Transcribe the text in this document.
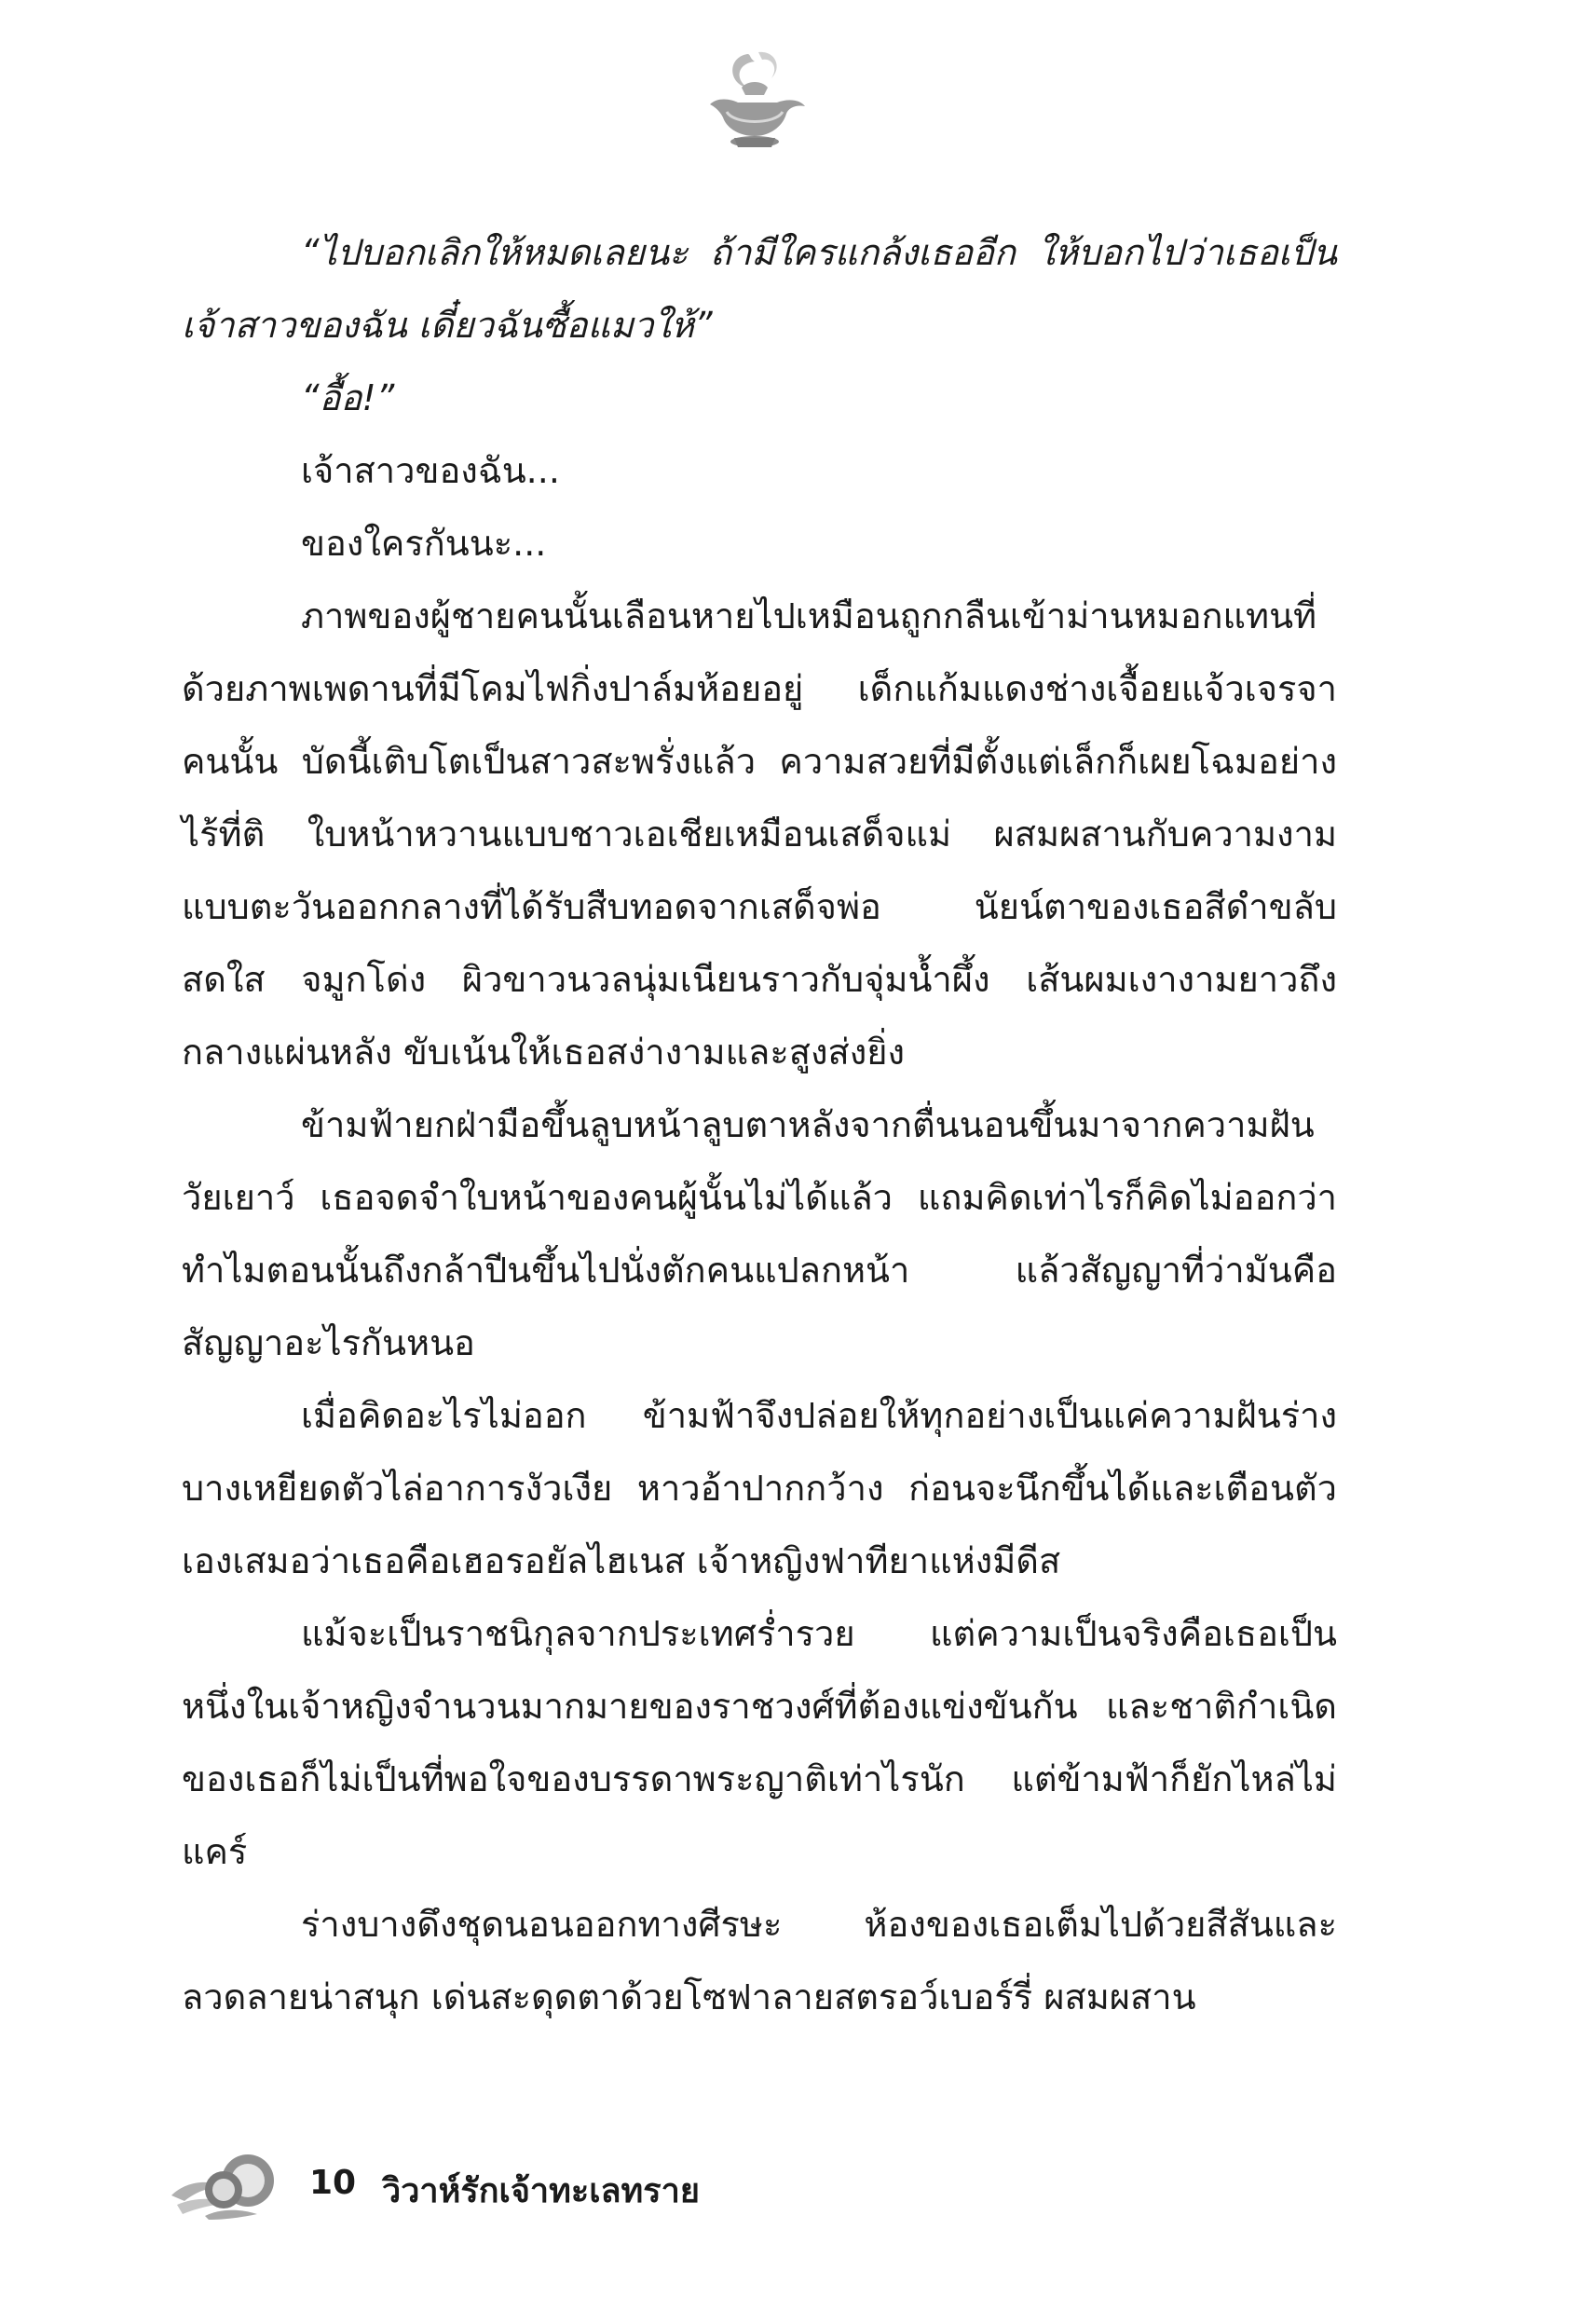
“ไปบอกเลิกให้หมดเลยนะ ถ้ามีใครแกล้งเธออีก ให้บอกไปว่าเธอเป็นเจ้าสาวของฉัน เดี๋ยวฉันซื้อแมวให้”

“อื้อ!”

เจ้าสาวของฉัน...

ของใครกันนะ...

ภาพของผู้ชายคนนั้นเลือนหายไปเหมือนถูกกลืนเข้าม่านหมอกแทนที่ด้วยภาพเพดานที่มีโคมไฟกิ่งปาล์มห้อยอยู่ เด็กแก้มแดงช่างเจื้อยแจ้วเจรจาคนนั้น บัดนี้เติบโตเป็นสาวสะพรั่งแล้ว ความสวยที่มีตั้งแต่เล็กก็เผยโฉมอย่างไร้ที่ติ ใบหน้าหวานแบบชาวเอเชียเหมือนเสด็จแม่ ผสมผสานกับความงามแบบตะวันออกกลางที่ได้รับสืบทอดจากเสด็จพ่อ นัยน์ตาของเธอสีดำขลับสดใส จมูกโด่ง ผิวขาวนวลนุ่มเนียนราวกับจุ่มน้ำผึ้ง เส้นผมเงางามยาวถึงกลางแผ่นหลัง ขับเน้นให้เธอสง่างามและสูงส่งยิ่ง

ข้ามฟ้ายกฝ่ามือขึ้นลูบหน้าลูบตาหลังจากตื่นนอนขึ้นมาจากความฝันวัยเยาว์ เธอจดจำใบหน้าของคนผู้นั้นไม่ได้แล้ว แถมคิดเท่าไรก็คิดไม่ออกว่าทำไมตอนนั้นถึงกล้าปีนขึ้นไปนั่งตักคนแปลกหน้า แล้วสัญญาที่ว่ามันคือสัญญาอะไรกันหนอ

เมื่อคิดอะไรไม่ออก ข้ามฟ้าจึงปล่อยให้ทุกอย่างเป็นแค่ความฝันร่างบางเหยียดตัวไล่อาการงัวเงีย หาวอ้าปากกว้าง ก่อนจะนึกขึ้นได้และเตือนตัวเองเสมอว่าเธอคือเฮอรอยัลไฮเนส เจ้าหญิงฟาทียาแห่งมีดีส

แม้จะเป็นราชนิกุลจากประเทศร่ำรวย แต่ความเป็นจริงคือเธอเป็นหนึ่งในเจ้าหญิงจำนวนมากมายของราชวงศ์ที่ต้องแข่งขันกัน และชาติกำเนิดของเธอก็ไม่เป็นที่พอใจของบรรดาพระญาติเท่าไรนัก แต่ข้ามฟ้าก็ยักไหล่ไม่แคร์

ร่างบางดึงชุดนอนออกทางศีรษะ ห้องของเธอเต็มไปด้วยสีสันและลวดลายน่าสนุก เด่นสะดุดตาด้วยโซฟาลายสตรอว์เบอร์รี่ ผสมผสาน

10 วิวาห์รักเจ้าทะเลทราย
